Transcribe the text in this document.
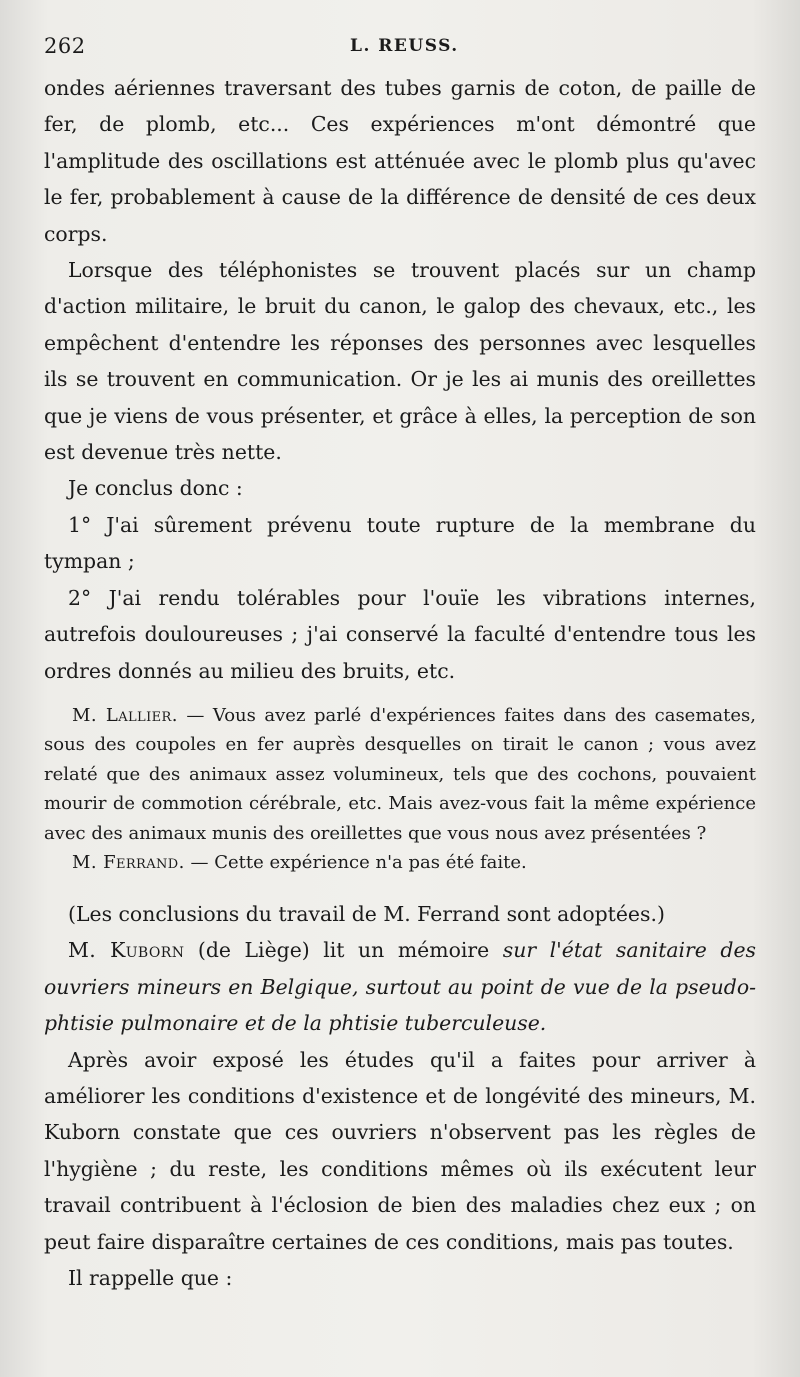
262	L. REUSS.

ondes aériennes traversant des tubes garnis de coton, de paille de fer, de plomb, etc... Ces expériences m'ont démontré que l'amplitude des oscillations est atténuée avec le plomb plus qu'avec le fer, probablement à cause de la différence de densité de ces deux corps.

Lorsque des téléphonistes se trouvent placés sur un champ d'action militaire, le bruit du canon, le galop des chevaux, etc., les empêchent d'entendre les réponses des personnes avec lesquelles ils se trouvent en communication. Or je les ai munis des oreillettes que je viens de vous présenter, et grâce à elles, la perception de son est devenue très nette.

Je conclus donc :

1° J'ai sûrement prévenu toute rupture de la membrane du tympan ;

2° J'ai rendu tolérables pour l'ouïe les vibrations internes, autrefois douloureuses ; j'ai conservé la faculté d'entendre tous les ordres donnés au milieu des bruits, etc.

M. Lallier. — Vous avez parlé d'expériences faites dans des casemates, sous des coupoles en fer auprès desquelles on tirait le canon ; vous avez relaté que des animaux assez volumineux, tels que des cochons, pouvaient mourir de commotion cérébrale, etc. Mais avez-vous fait la même expérience avec des animaux munis des oreillettes que vous nous avez présentées ?

M. Ferrand. — Cette expérience n'a pas été faite.

(Les conclusions du travail de M. Ferrand sont adoptées.)

M. Kuborn (de Liège) lit un mémoire sur l'état sanitaire des ouvriers mineurs en Belgique, surtout au point de vue de la pseudo-phtisie pulmonaire et de la phtisie tuberculeuse.

Après avoir exposé les études qu'il a faites pour arriver à améliorer les conditions d'existence et de longévité des mineurs, M. Kuborn constate que ces ouvriers n'observent pas les règles de l'hygiène ; du reste, les conditions mêmes où ils exécutent leur travail contribuent à l'éclosion de bien des maladies chez eux ; on peut faire disparaître certaines de ces conditions, mais pas toutes.

Il rappelle que :
